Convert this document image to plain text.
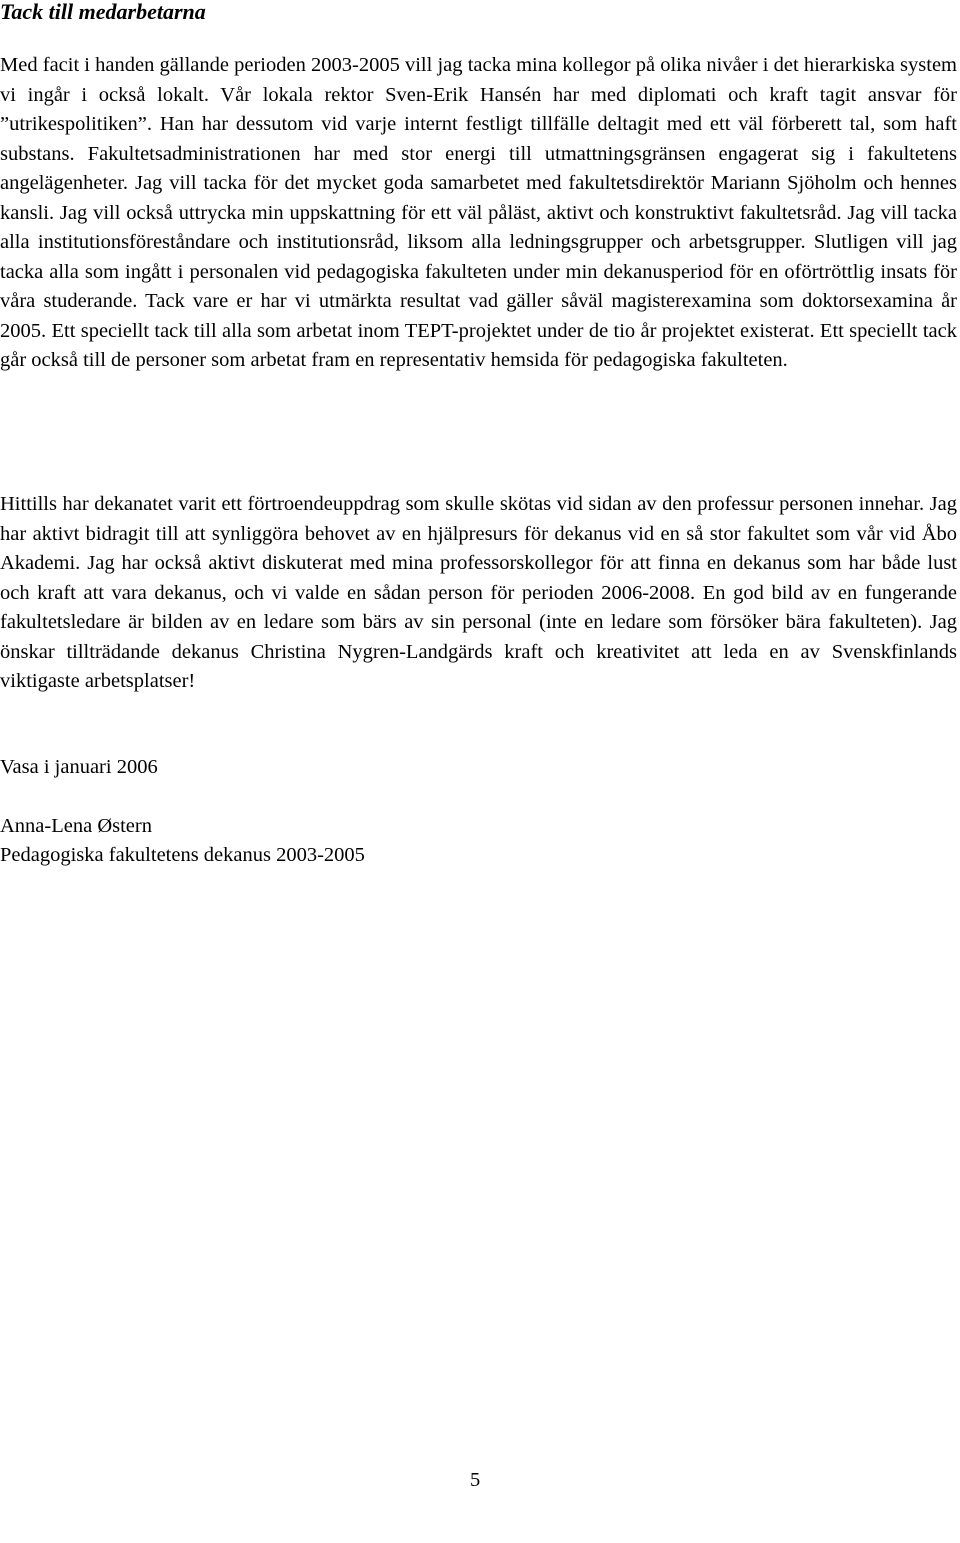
Tack till medarbetarna

Med facit i handen gällande perioden 2003-2005 vill jag tacka mina kollegor på olika nivåer i det hierarkiska system vi ingår i också lokalt. Vår lokala rektor Sven-Erik Hansén har med diplomati och kraft tagit ansvar för ”utrikespolitiken”. Han har dessutom vid varje internt festligt tillfälle deltagit med ett väl förberett tal, som haft substans. Fakultetsadministrationen har med stor energi till utmattningsgränsen engagerat sig i fakultetens angelägenheter. Jag vill tacka för det mycket goda samarbetet med fakultetsdirektör Mariann Sjöholm och hennes kansli. Jag vill också uttrycka min uppskattning för ett väl påläst, aktivt och konstruktivt fakultetsråd. Jag vill tacka alla institutionsföreståndare och institutionsråd, liksom alla ledningsgrupper och arbetsgrupper. Slutligen vill jag tacka alla som ingått i personalen vid pedagogiska fakulteten under min dekanusperiod för en oförtröttlig insats för våra studerande. Tack vare er har vi utmärkta resultat vad gäller såväl magisterexamina som doktorsexamina år 2005. Ett speciellt tack till alla som arbetat inom TEPT-projektet under de tio år projektet existerat. Ett speciellt tack går också till de personer som arbetat fram en representativ hemsida för pedagogiska fakulteten.

Hittills har dekanatet varit ett förtroendeuppdrag som skulle skötas vid sidan av den professur personen innehar. Jag har aktivt bidragit till att synliggöra behovet av en hjälpresurs för dekanus vid en så stor fakultet som vår vid Åbo Akademi. Jag har också aktivt diskuterat med mina professorskollegor för att finna en dekanus som har både lust och kraft att vara dekanus, och vi valde en sådan person för perioden 2006-2008. En god bild av en fungerande fakultetsledare är bilden av en ledare som bärs av sin personal (inte en ledare som försöker bära fakulteten). Jag önskar tillträdande dekanus Christina Nygren-Landgärds kraft och kreativitet att leda en av Svenskfinlands viktigaste arbetsplatser!

Vasa i januari 2006

Anna-Lena Østern

Pedagogiska fakultetens dekanus 2003-2005

5
